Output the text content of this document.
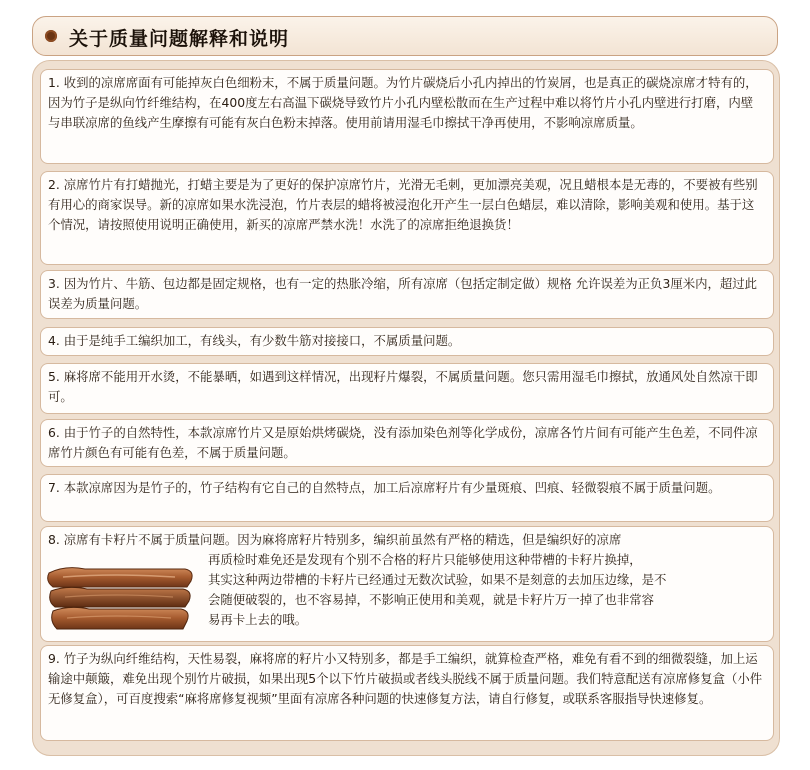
关于质量问题解释和说明
1. 收到的凉席席面有可能掉灰白色细粉末，不属于质量问题。为竹片碳烧后小孔内掉出的竹炭屑，也是真正的碳烧凉席才特有的，因为竹子是纵向竹纤维结构，在400度左右高温下碳烧导致竹片小孔内壁松散而在生产过程中难以将竹片小孔内壁进行打磨，内壁与串联凉席的鱼线产生摩擦有可能有灰白色粉末掉落。使用前请用湿毛巾擦拭干净再使用，不影响凉席质量。
2. 凉席竹片有打蜡抛光，打蜡主要是为了更好的保护凉席竹片，光滑无毛刺，更加漂亮美观，况且蜡根本是无毒的，不要被有些别有用心的商家误导。新的凉席如果水洗浸泡，竹片表层的蜡将被浸泡化开产生一层白色蜡层，难以清除，影响美观和使用。基于这个情况，请按照使用说明正确使用，新买的凉席严禁水洗！水洗了的凉席拒绝退换货！
3. 因为竹片、牛筋、包边都是固定规格，也有一定的热胀冷缩，所有凉席（包括定制定做）规格 允许误差为正负3厘米内，超过此误差为质量问题。
4. 由于是纯手工编织加工，有线头，有少数牛筋对接接口，不属质量问题。
5. 麻将席不能用开水烫，不能暴晒，如遇到这样情况，出现籽片爆裂，不属质量问题。您只需用湿毛巾擦拭，放通风处自然凉干即可。
6. 由于竹子的自然特性，本款凉席竹片又是原始烘烤碳烧，没有添加染色剂等化学成份，凉席各竹片间有可能产生色差，不同件凉席竹片颜色有可能有色差，不属于质量问题。
7. 本款凉席因为是竹子的，竹子结构有它自己的自然特点，加工后凉席籽片有少量斑痕、凹痕、轻微裂痕不属于质量问题。
8. 凉席有卡籽片不属于质量问题。因为麻将席籽片特别多，编织前虽然有严格的精选，但是编织好的凉席
再质检时难免还是发现有个别不合格的籽片只能够使用这种带槽的卡籽片换掉，
其实这种两边带槽的卡籽片已经通过无数次试验，如果不是刻意的去加压边缘，是不
会随便破裂的，也不容易掉，不影响正使用和美观，就是卡籽片万一掉了也非常容
易再卡上去的哦。
9. 竹子为纵向纤维结构，天性易裂，麻将席的籽片小又特别多，都是手工编织，就算检查严格，难免有看不到的细微裂缝，加上运输途中颠簸，难免出现个别竹片破损，如果出现5个以下竹片破损或者线头脱线不属于质量问题。我们特意配送有凉席修复盒（小件无修复盒），可百度搜索“麻将席修复视频”里面有凉席各种问题的快速修复方法，请自行修复，或联系客服指导快速修复。
